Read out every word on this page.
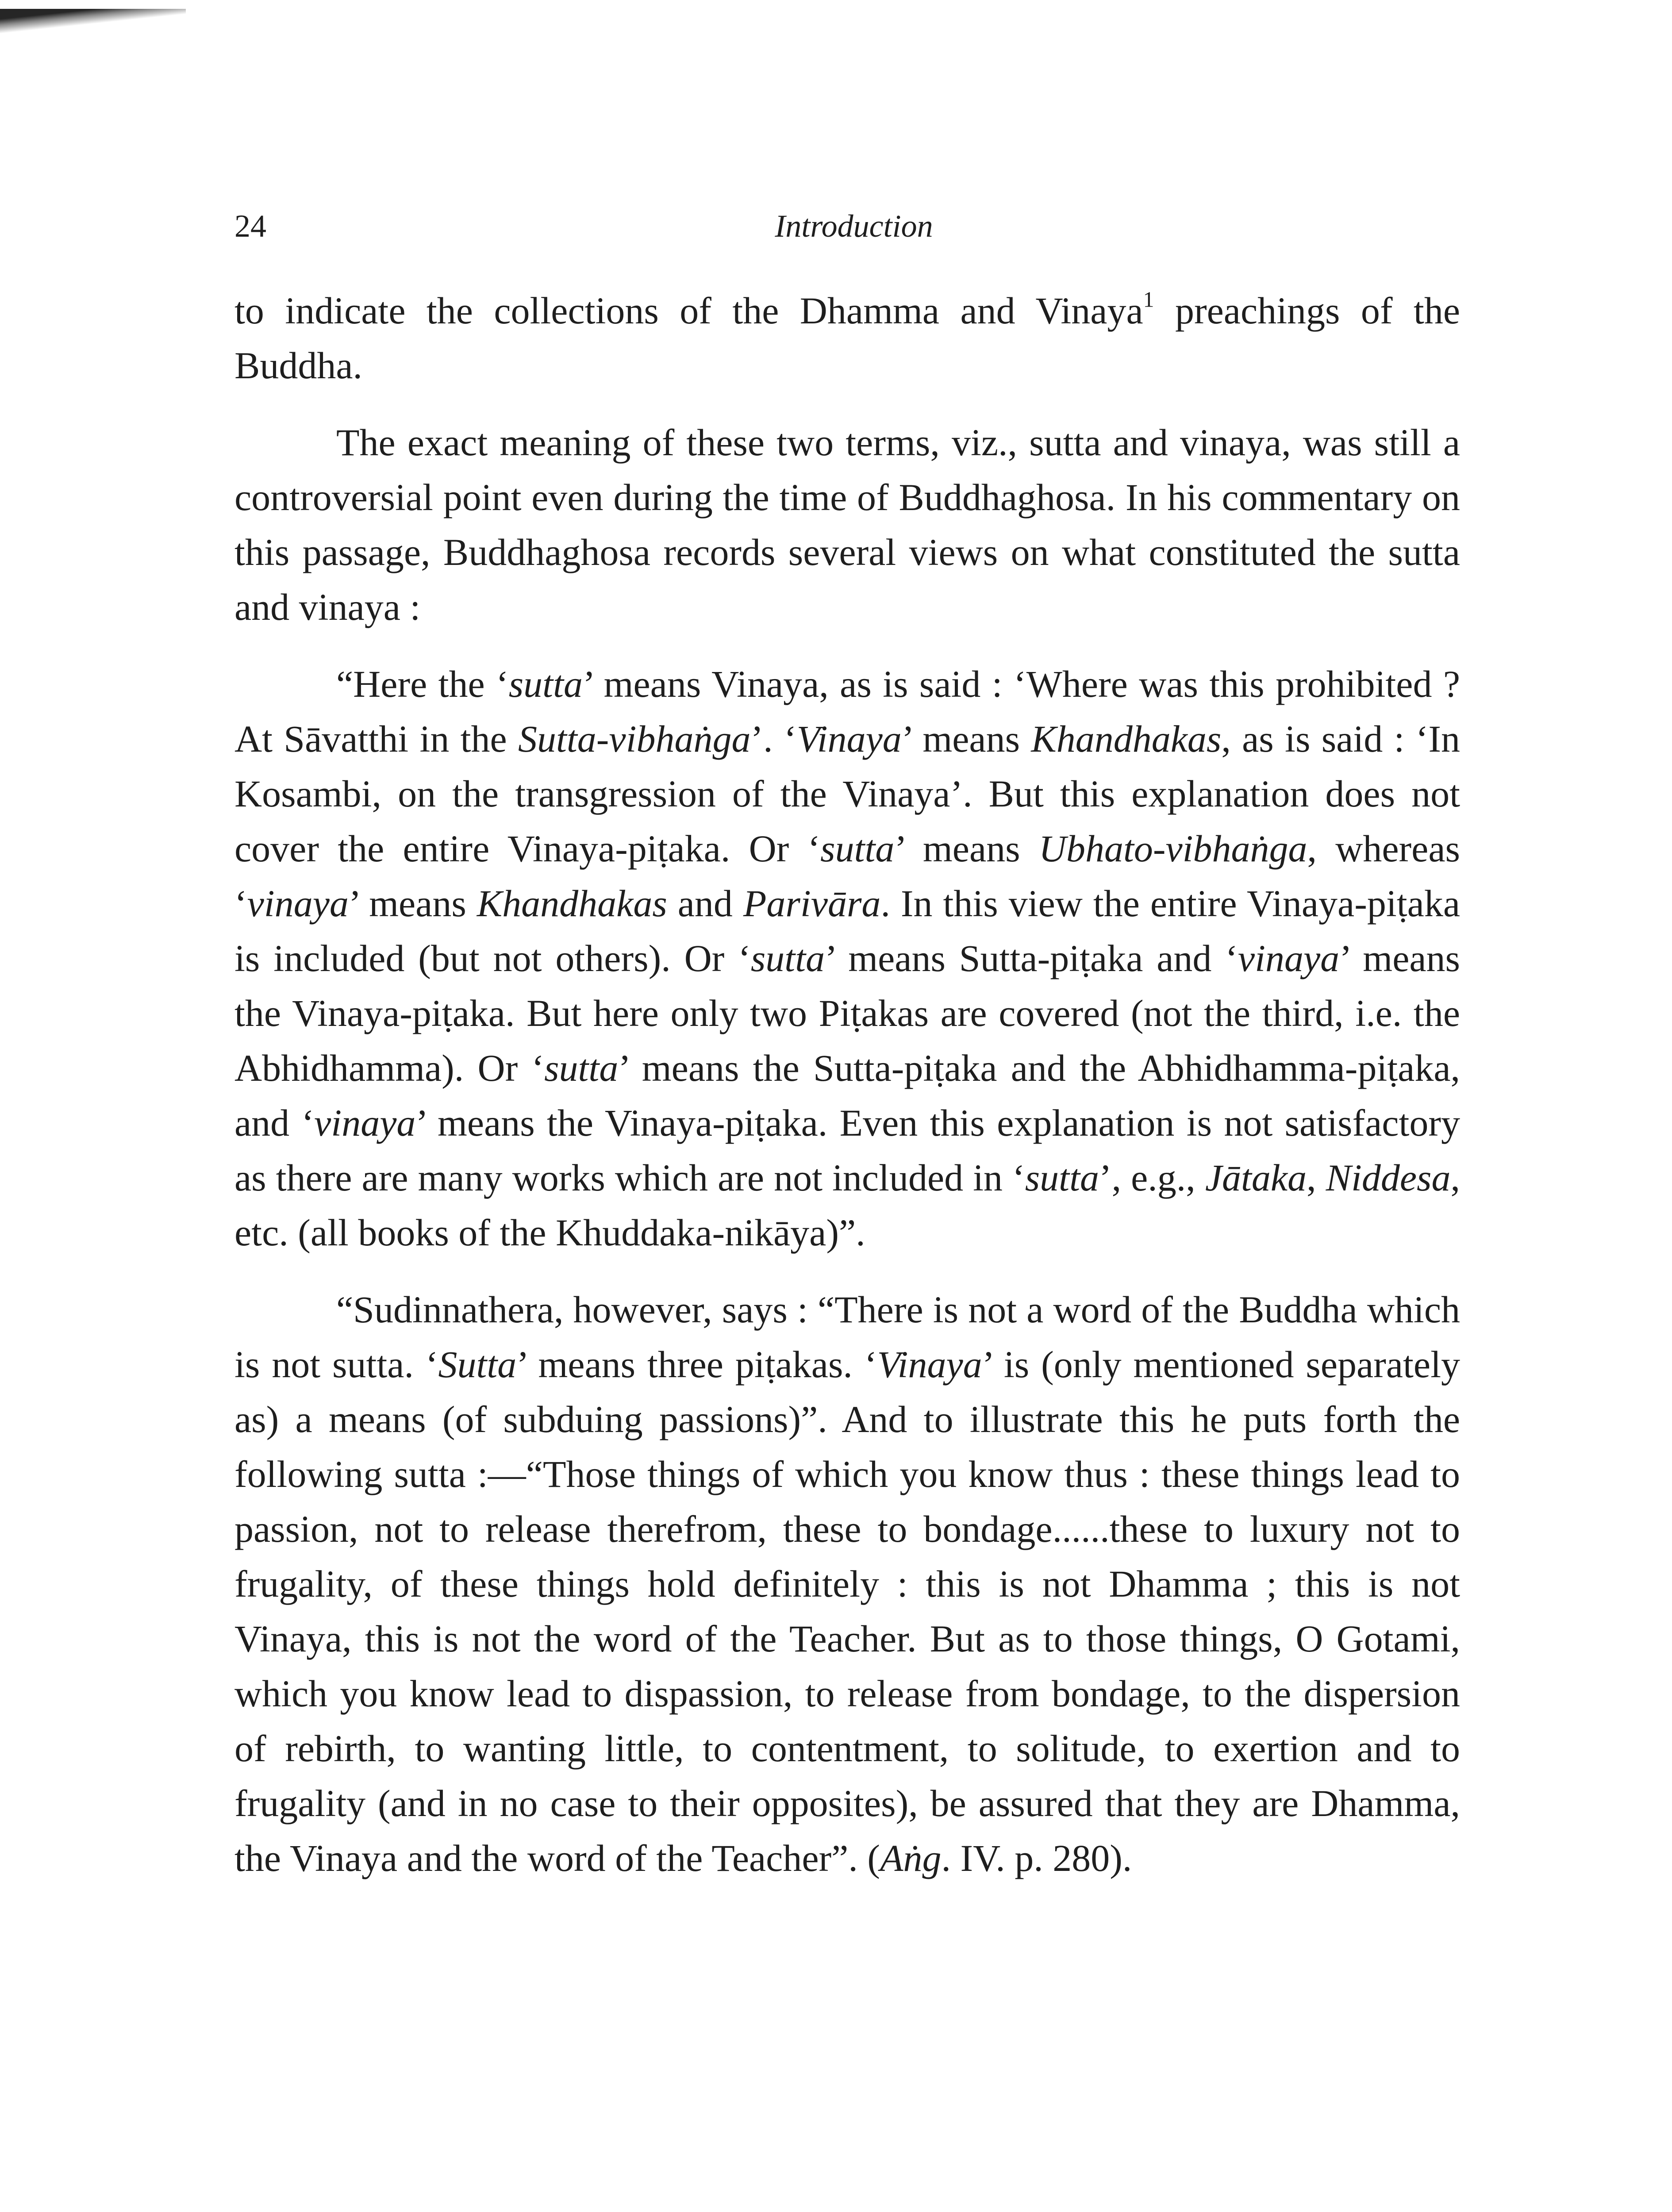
24	Introduction

to indicate the collections of the Dhamma and Vinaya$^1$ preachings of the Buddha.

The exact meaning of these two terms, viz., sutta and vinaya, was still a controversial point even during the time of Buddhaghosa. In his commentary on this passage, Buddhaghosa records several views on what constituted the sutta and vinaya :

“Here the ‘sutta’ means Vinaya, as is said : ‘Where was this prohibited ? At Sāvatthi in the Sutta-vibhaṅga’. ‘Vinaya’ means Khandhakas, as is said : ‘In Kosambi, on the transgression of the Vinaya’. But this explanation does not cover the entire Vinaya-piṭaka. Or ‘sutta’ means Ubhato-vibhaṅga, whereas ‘vinaya’ means Khandhakas and Parivāra. In this view the entire Vinaya-piṭaka is included (but not others). Or ‘sutta’ means Sutta-piṭaka and ‘vinaya’ means the Vinaya-piṭaka. But here only two Piṭakas are covered (not the third, i.e. the Abhidhamma). Or ‘sutta’ means the Sutta-piṭaka and the Abhidhamma-piṭaka, and ‘vinaya’ means the Vinaya-piṭaka. Even this explanation is not satisfactory as there are many works which are not included in ‘sutta’, e.g., Jātaka, Niddesa, etc. (all books of the Khuddaka-nikāya)”.

“Sudinnathera, however, says : “There is not a word of the Buddha which is not sutta. ‘Sutta’ means three piṭakas. ‘Vinaya’ is (only mentioned separately as) a means (of subduing passions)”. And to illustrate this he puts forth the following sutta :—“Those things of which you know thus : these things lead to passion, not to release therefrom, these to bondage......these to luxury not to frugality, of these things hold definitely : this is not Dhamma ; this is not Vinaya, this is not the word of the Teacher. But as to those things, O Gotami, which you know lead to dispassion, to release from bondage, to the dispersion of rebirth, to wanting little, to contentment, to solitude, to exertion and to frugality (and in no case to their opposites), be assured that they are Dhamma, the Vinaya and the word of the Teacher”. (Aṅg. IV. p. 280).
